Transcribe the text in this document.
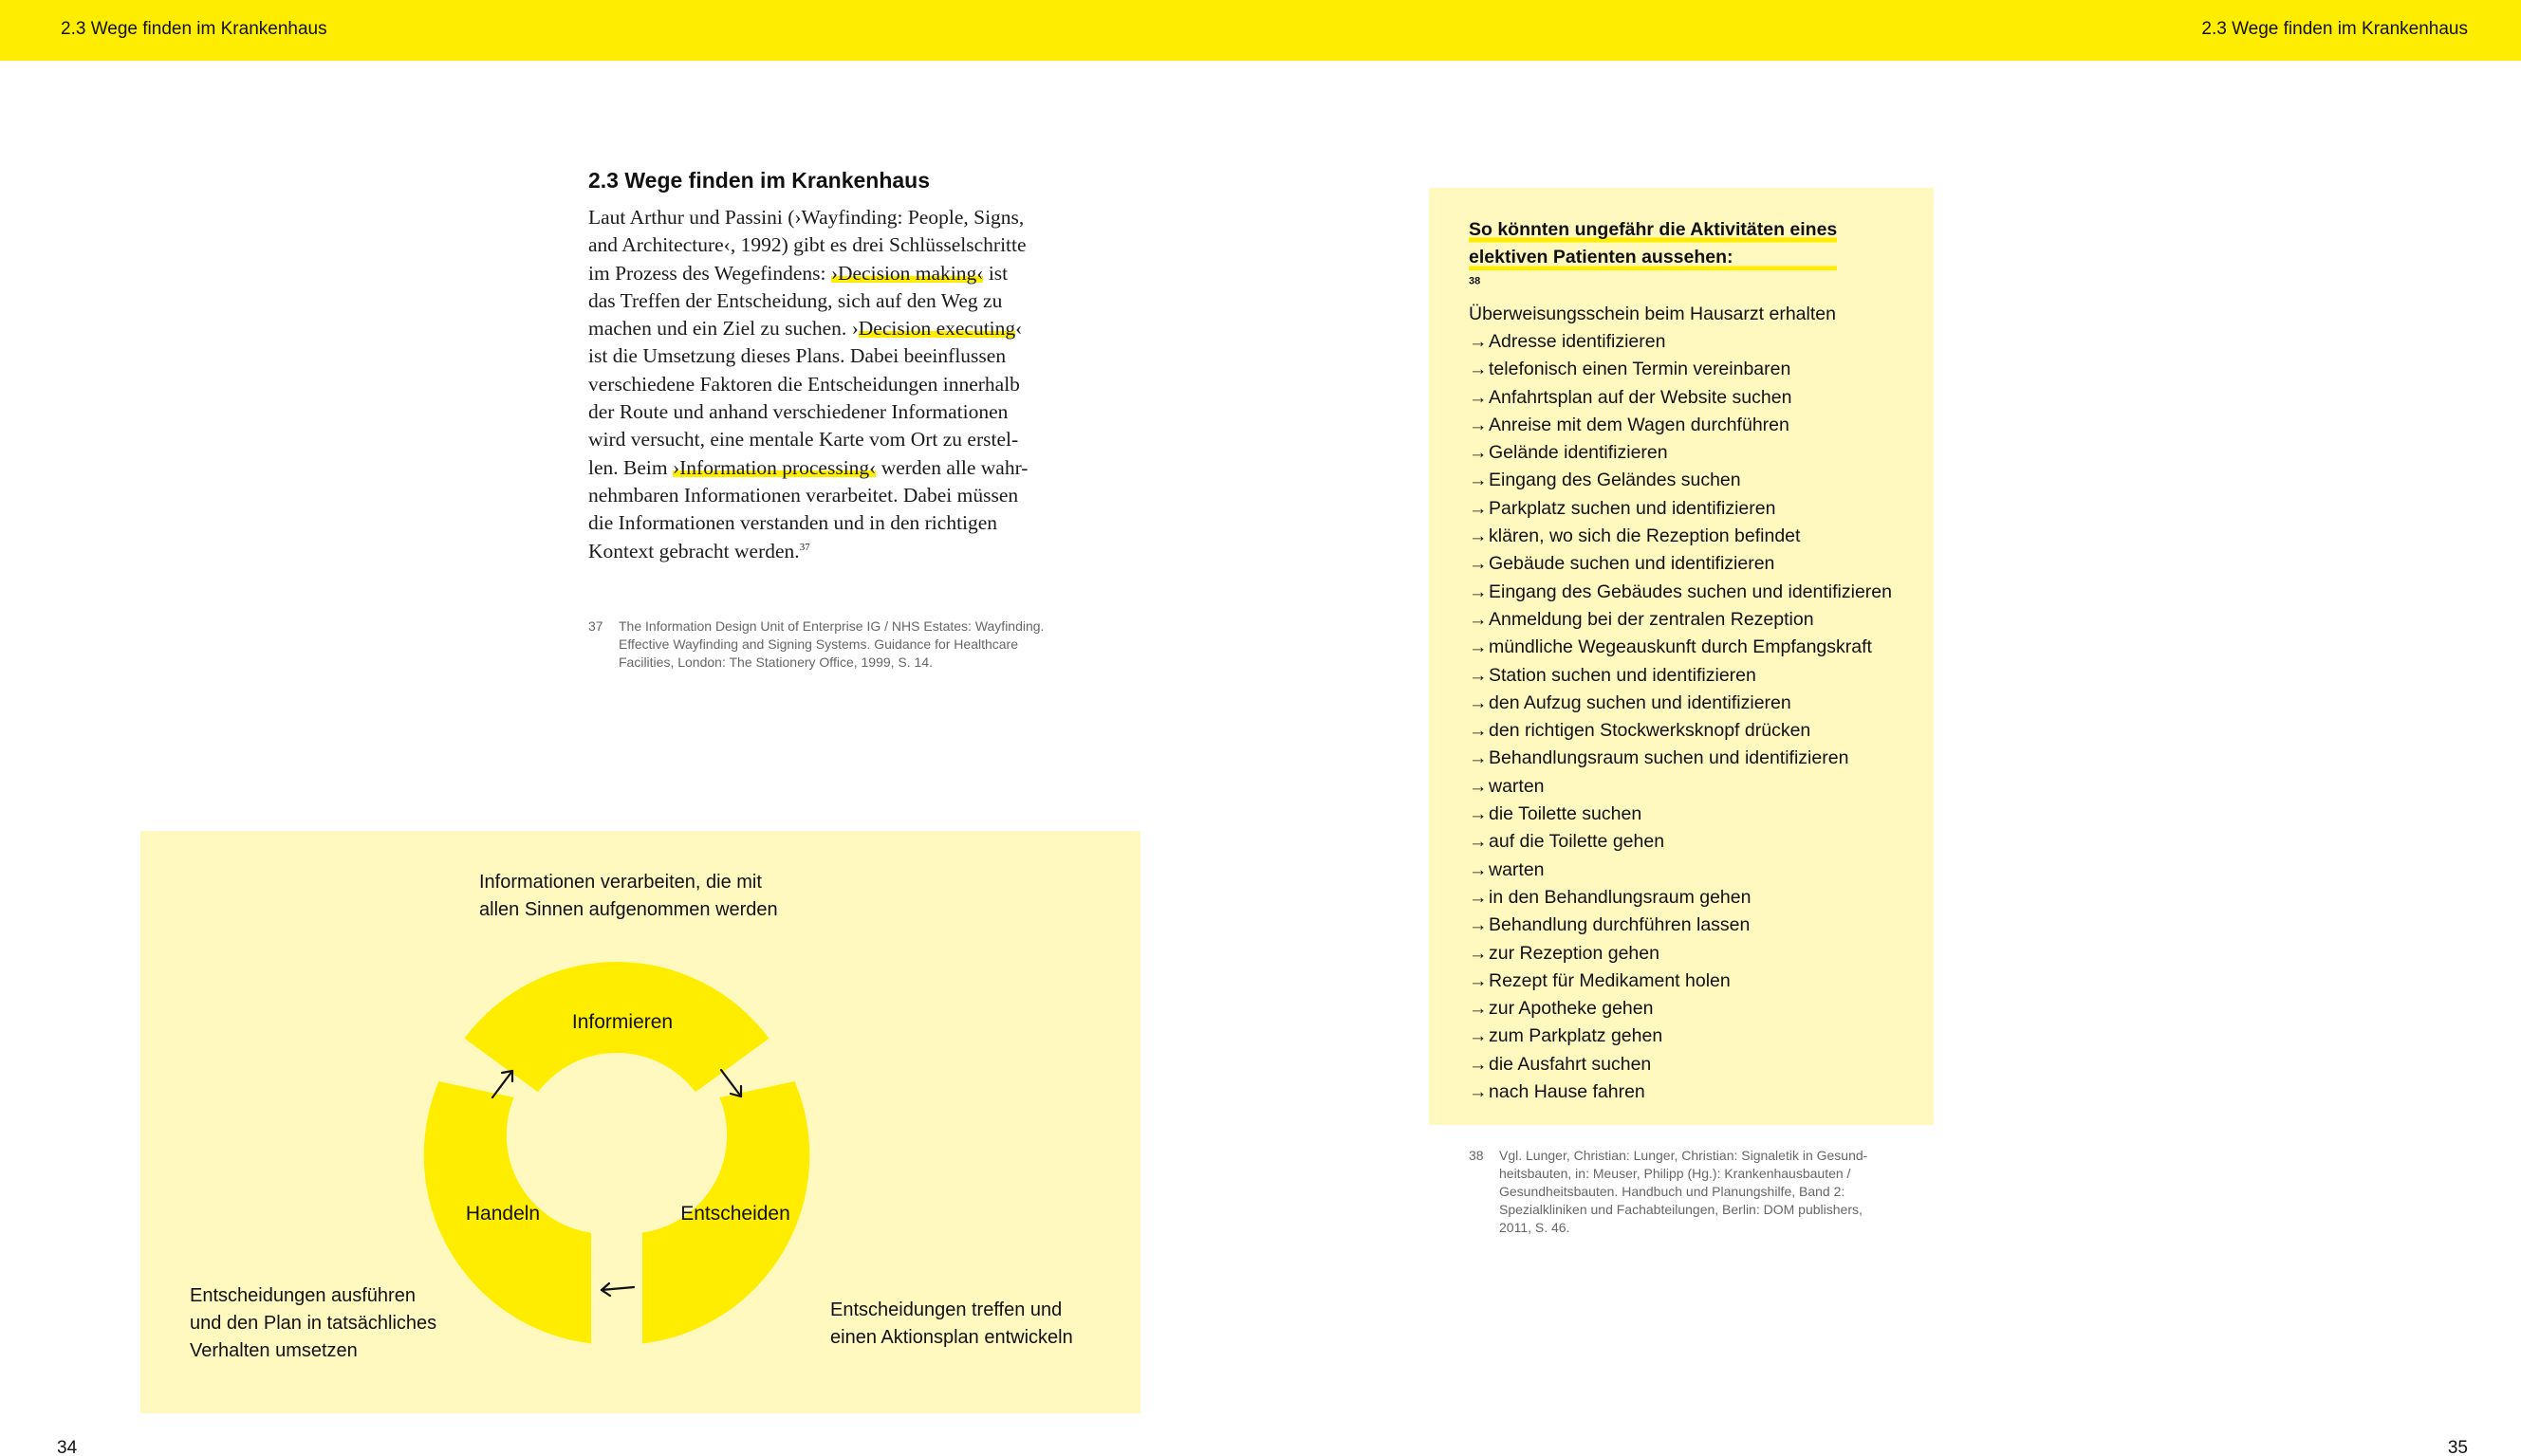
2.3 Wege finden im Krankenhaus	2.3 Wege finden im Krankenhaus
2.3 Wege finden im Krankenhaus
Laut Arthur und Passini (›Wayfinding: People, Signs,
and Architecture‹, 1992) gibt es drei Schlüsselschritte
im Prozess des Wegefindens: ›Decision making‹ ist
das Treffen der Entscheidung, sich auf den Weg zu
machen und ein Ziel zu suchen. ›Decision executing‹
ist die Umsetzung dieses Plans. Dabei beeinflussen
verschiedene Faktoren die Entscheidungen innerhalb
der Route und anhand verschiedener Informationen
wird versucht, eine mentale Karte vom Ort zu erstel-
len. Beim ›Information processing‹ werden alle wahr-
nehmbaren Informationen verarbeitet. Dabei müssen
die Informationen verstanden und in den richtigen
Kontext gebracht werden.$^{37}$
37 The Information Design Unit of Enterprise IG / NHS Estates: Wayfinding.
Effective Wayfinding and Signing Systems. Guidance for Healthcare
Facilities, London: The Stationery Office, 1999, S. 14.
Informieren
Entscheiden
Handeln
Informationen verarbeiten, die mit
allen Sinnen aufgenommen werden
Entscheidungen ausführen
und den Plan in tatsächliches
Verhalten umsetzen
Entscheidungen treffen und
einen Aktionsplan entwickeln
So könnten ungefähr die Aktivitäten eines
elektiven Patienten aussehen:
$^{38}$
Überweisungsschein beim Hausarzt erhalten
→Adresse identifizieren
→telefonisch einen Termin vereinbaren
→Anfahrtsplan auf der Website suchen
→Anreise mit dem Wagen durchführen
→Gelände identifizieren
→Eingang des Geländes suchen
→Parkplatz suchen und identifizieren
→klären, wo sich die Rezeption befindet
→Gebäude suchen und identifizieren
→Eingang des Gebäudes suchen und identifizieren
→Anmeldung bei der zentralen Rezeption
→mündliche Wegeauskunft durch Empfangskraft
→Station suchen und identifizieren
→den Aufzug suchen und identifizieren
→den richtigen Stockwerksknopf drücken
→Behandlungsraum suchen und identifizieren
→warten
→die Toilette suchen
→auf die Toilette gehen
→warten
→in den Behandlungsraum gehen
→Behandlung durchführen lassen
→zur Rezeption gehen
→Rezept für Medikament holen
→zur Apotheke gehen
→zum Parkplatz gehen
→die Ausfahrt suchen
→nach Hause fahren
38 Vgl. Lunger, Christian: Lunger, Christian: Signaletik in Gesund-
heitsbauten, in: Meuser, Philipp (Hg.): Krankenhausbauten /
Gesundheitsbauten. Handbuch und Planungshilfe, Band 2:
Spezialkliniken und Fachabteilungen, Berlin: DOM publishers,
2011, S. 46.
34	35
